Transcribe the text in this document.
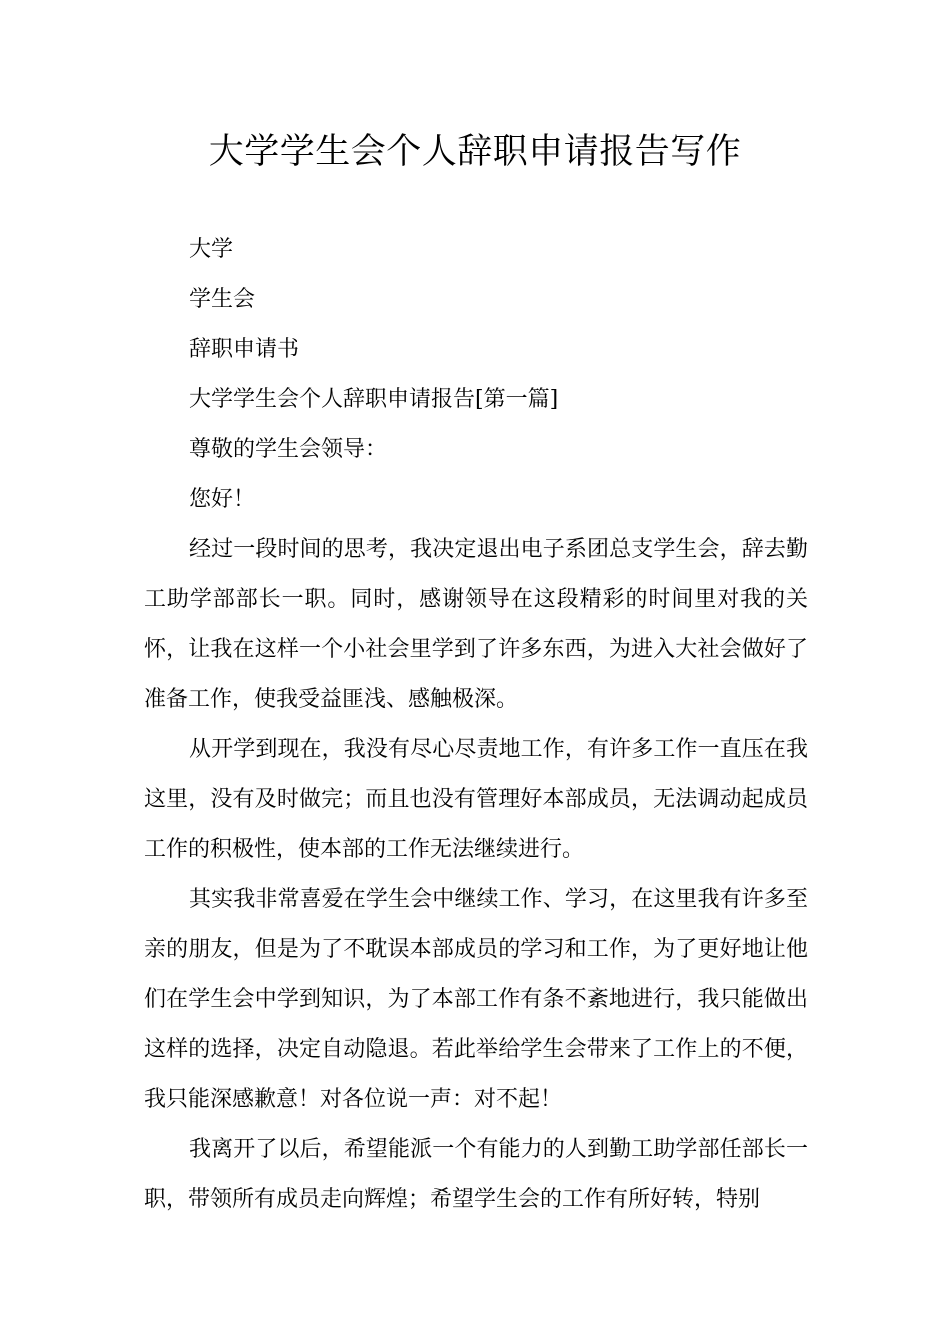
大学学生会个人辞职申请报告写作

大学

学生会

辞职申请书

大学学生会个人辞职申请报告[第一篇]

尊敬的学生会领导：

您好！

经过一段时间的思考，我决定退出电子系团总支学生会，辞去勤工助学部部长一职。同时，感谢领导在这段精彩的时间里对我的关怀，让我在这样一个小社会里学到了许多东西，为进入大社会做好了准备工作，使我受益匪浅、感触极深。

从开学到现在，我没有尽心尽责地工作，有许多工作一直压在我这里，没有及时做完；而且也没有管理好本部成员，无法调动起成员工作的积极性，使本部的工作无法继续进行。

其实我非常喜爱在学生会中继续工作、学习，在这里我有许多至亲的朋友，但是为了不耽误本部成员的学习和工作，为了更好地让他们在学生会中学到知识，为了本部工作有条不紊地进行，我只能做出这样的选择，决定自动隐退。若此举给学生会带来了工作上的不便，我只能深感歉意！对各位说一声：对不起！

我离开了以后，希望能派一个有能力的人到勤工助学部任部长一职，带领所有成员走向辉煌；希望学生会的工作有所好转，特别
